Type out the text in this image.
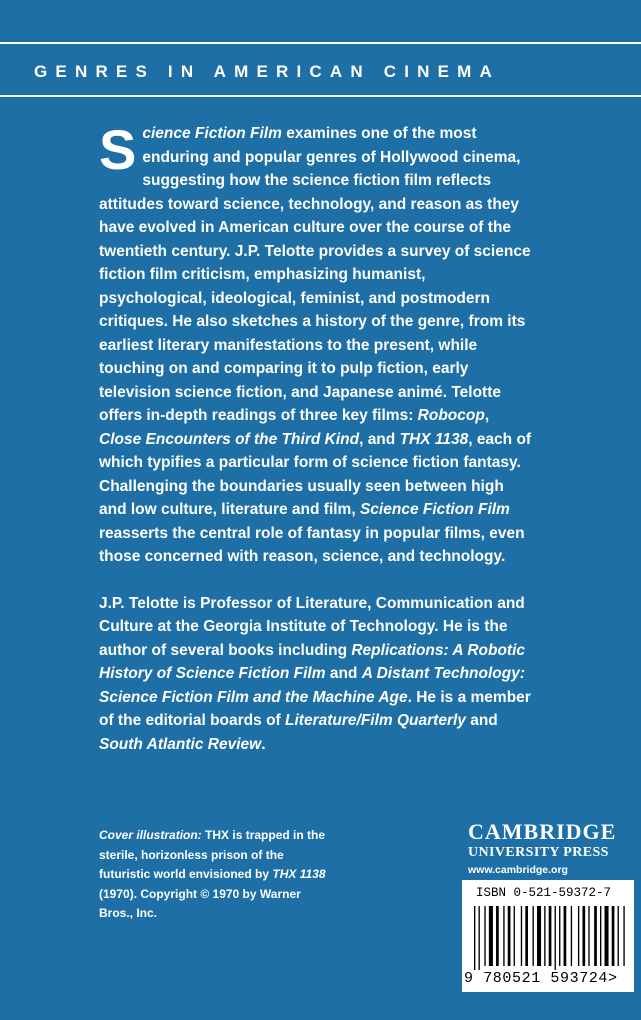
GENRES IN AMERICAN CINEMA

Science Fiction Film examines one of the most enduring and popular genres of Hollywood cinema, suggesting how the science fiction film reflects attitudes toward science, technology, and reason as they have evolved in American culture over the course of the twentieth century. J.P. Telotte provides a survey of science fiction film criticism, emphasizing humanist, psychological, ideological, feminist, and postmodern critiques. He also sketches a history of the genre, from its earliest literary manifestations to the present, while touching on and comparing it to pulp fiction, early television science fiction, and Japanese animé. Telotte offers in-depth readings of three key films: Robocop, Close Encounters of the Third Kind, and THX 1138, each of which typifies a particular form of science fiction fantasy. Challenging the boundaries usually seen between high and low culture, literature and film, Science Fiction Film reasserts the central role of fantasy in popular films, even those concerned with reason, science, and technology.

J.P. Telotte is Professor of Literature, Communication and Culture at the Georgia Institute of Technology. He is the author of several books including Replications: A Robotic History of Science Fiction Film and A Distant Technology: Science Fiction Film and the Machine Age. He is a member of the editorial boards of Literature/Film Quarterly and South Atlantic Review.

Cover illustration: THX is trapped in the sterile, horizonless prison of the futuristic world envisioned by THX 1138 (1970). Copyright © 1970 by Warner Bros., Inc.
CAMBRIDGE
UNIVERSITY PRESS
www.cambridge.org
ISBN 0-521-59372-7
9 780521 593724>
